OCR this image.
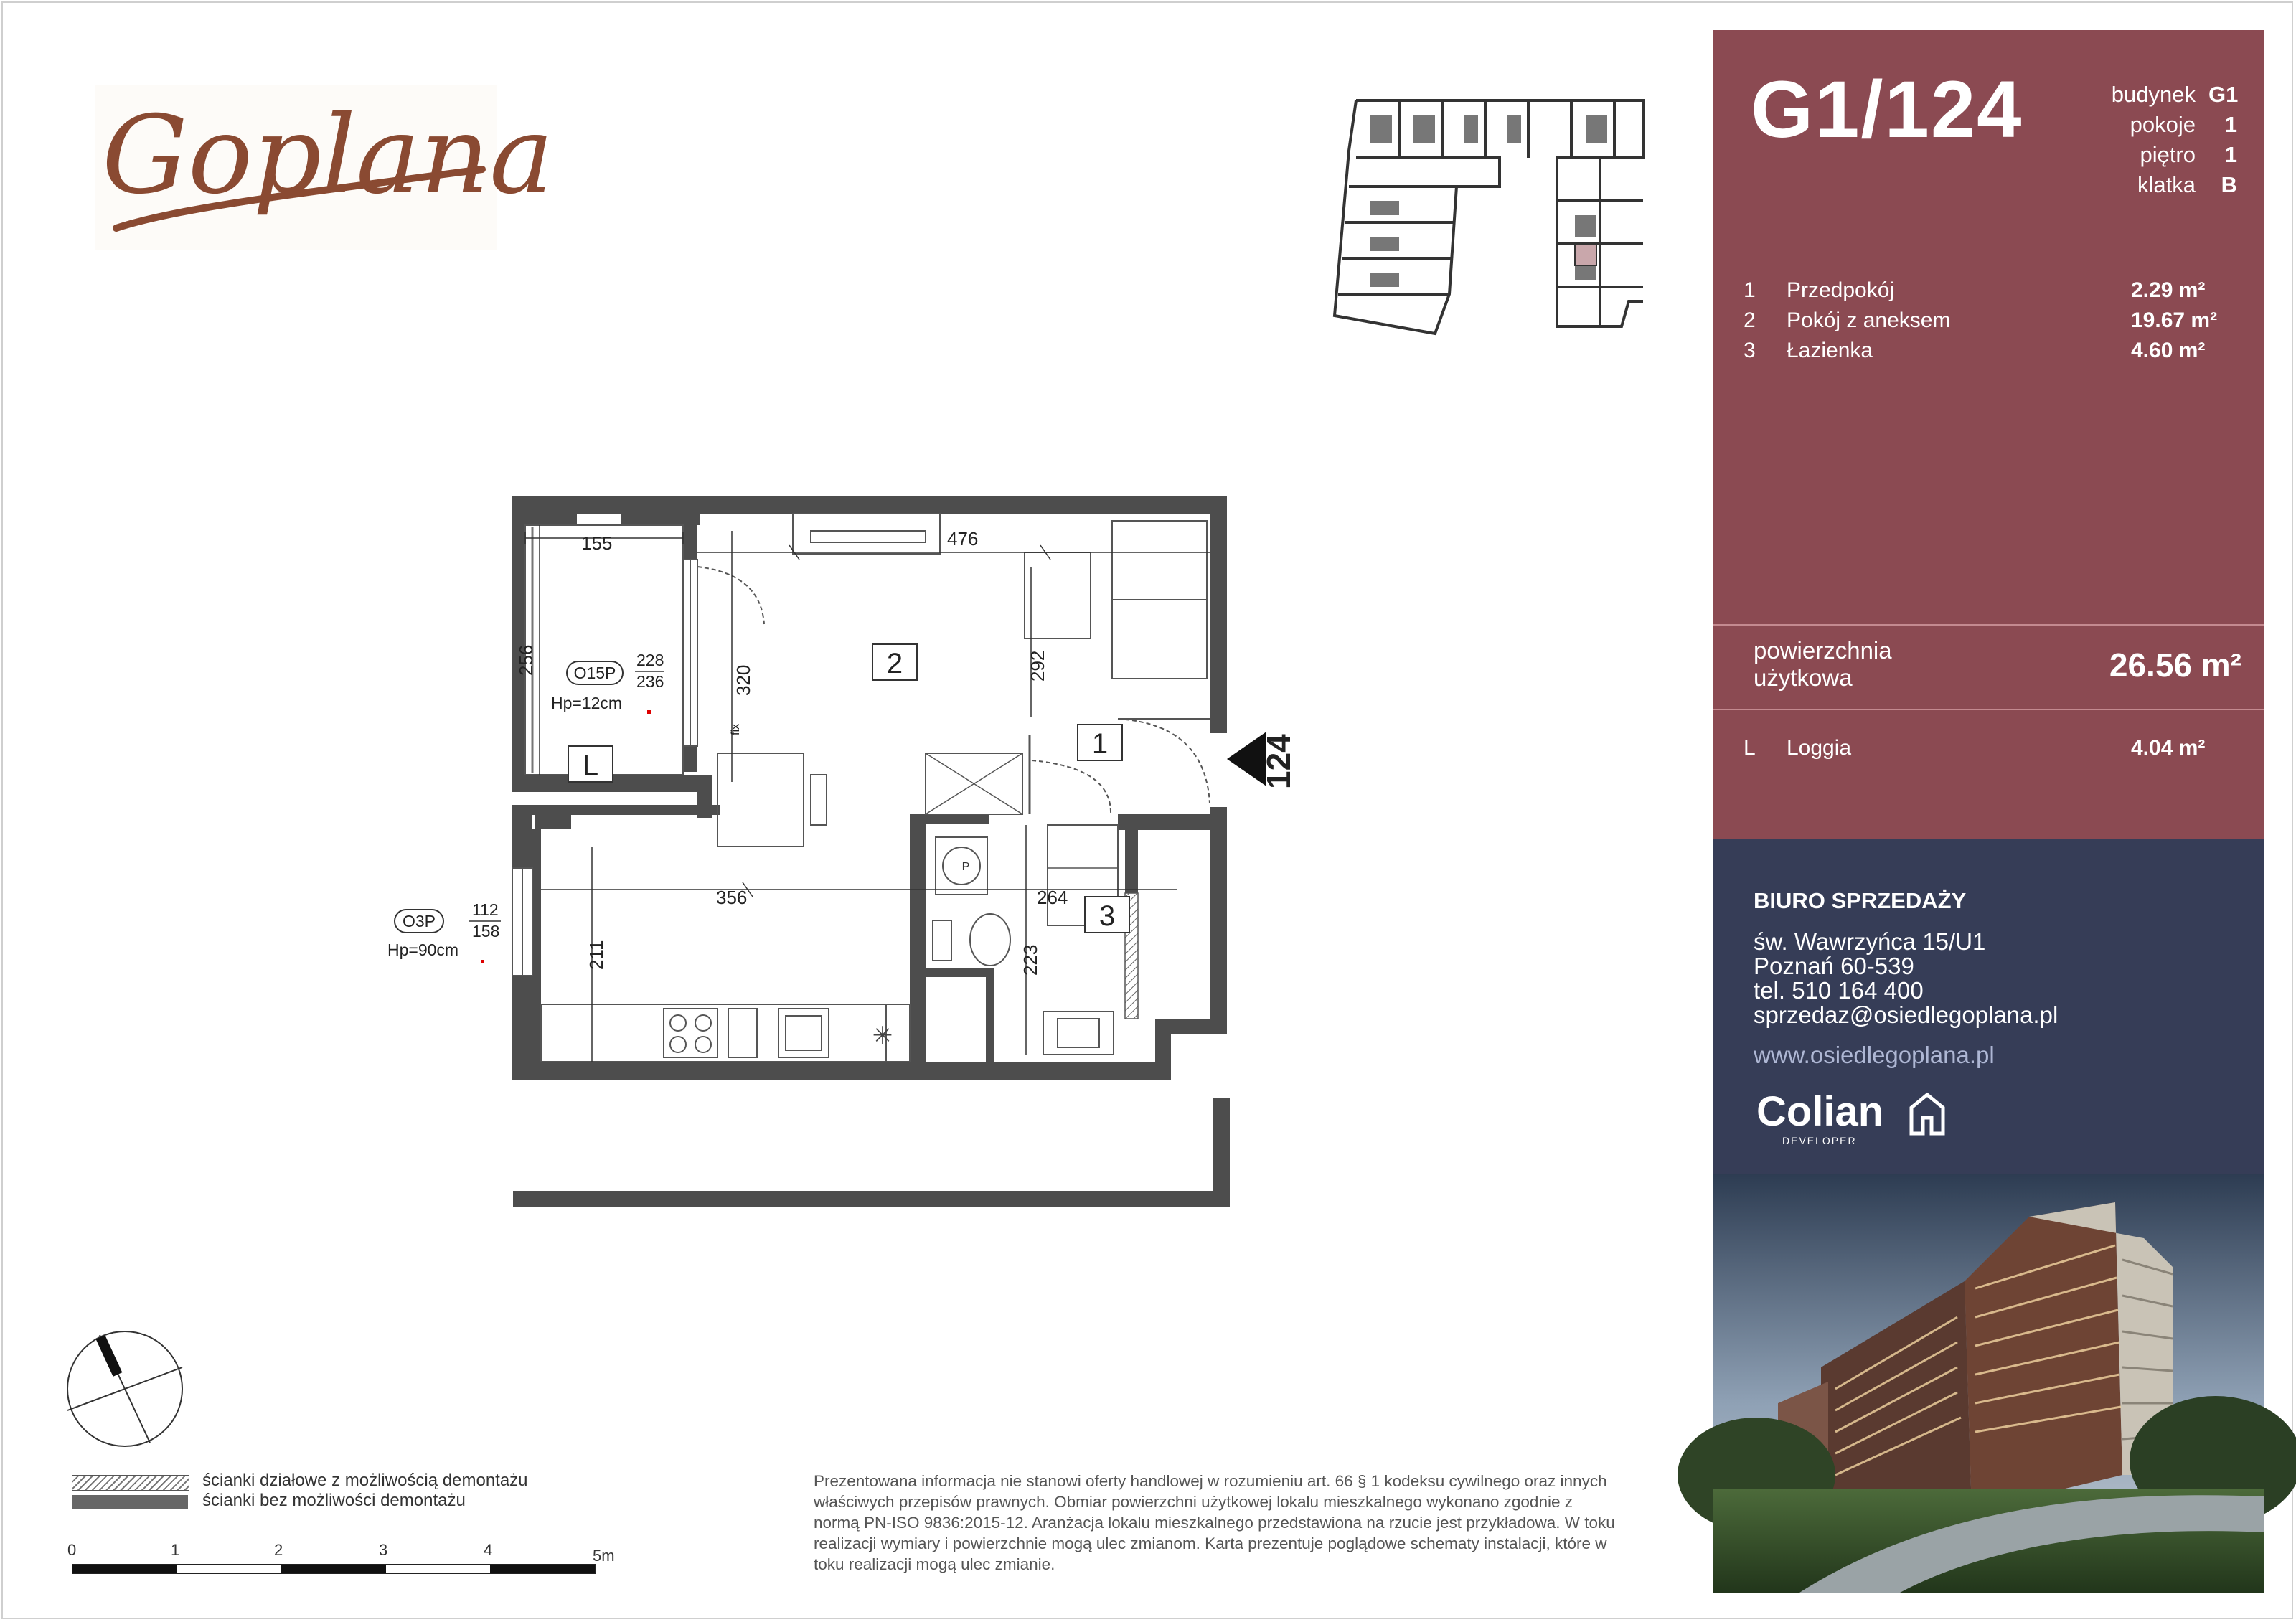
Goplana
✳
P
155	476
264
356
256
320	292
211	223
fix
2
1
3
L
O15P
228
236
Hp=12cm
124
O3P
112
158
Hp=90cm
ścianki działowe z możliwością demontażu
ścianki bez możliwości demontażu
0	1	2	3	4	5m
Prezentowana informacja nie stanowi oferty handlowej w rozumieniu art. 66 § 1 kodeksu cywilnego oraz innych właściwych przepisów prawnych. Obmiar powierzchni użytkowej lokalu mieszkalnego wykonano zgodnie z normą PN-ISO 9836:2015-12. Aranżacja lokalu mieszkalnego przedstawiona na rzucie jest przykładowa. W toku realizacji wymiary i powierzchnie mogą ulec zmianom. Karta prezentuje poglądowe schematy instalacji, które w toku realizacji mogą ulec zmianie.
G1/124	budynek G1
pokoje 1
piętro 1
klatka B
1 Przedpokój	2.29 m²
2 Pokój z aneksem	19.67 m²
3 Łazienka	4.60 m²
powierzchnia
użytkowa	26.56 m²
L Loggia	4.04 m²
BIURO SPRZEDAŻY
św. Wawrzyńca 15/U1
Poznań 60-539
tel. 510 164 400
sprzedaz@osiedlegoplana.pl
www.osiedlegoplana.pl
Colian
DEVELOPER
